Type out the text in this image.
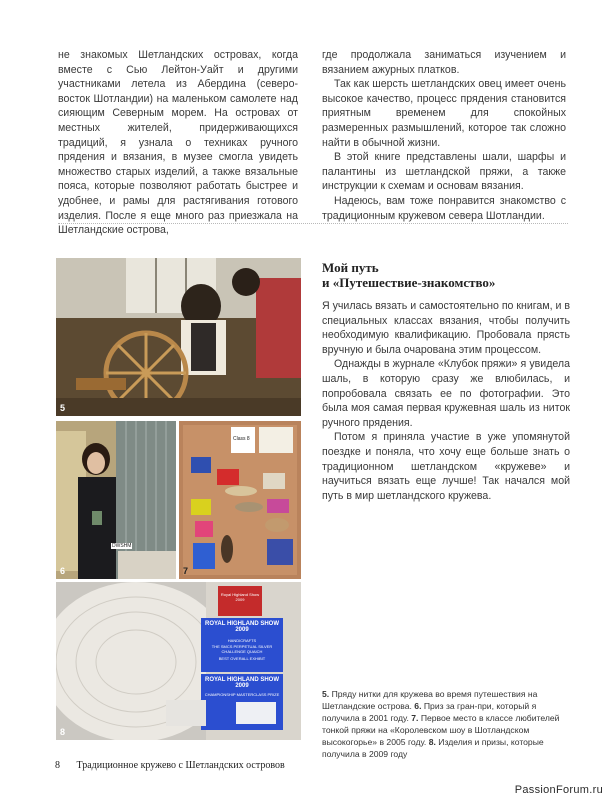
не знакомых Шетландских островах, когда вместе с Сью Лейтон-Уайт и другими участниками летела из Абердина (северо-восток Шотландии) на маленьком самолете над сияющим Северным морем. На островах от местных жителей, придерживающихся традиций, я узнала о техниках ручного прядения и вязания, в музее смогла увидеть множество старых изделий, а также вязальные пояса, которые позволяют работать быстрее и удобнее, и рамы для растягивания готового изделия. После я еще много раз приезжала на Шетландские острова,

где продолжала заниматься изучением и вязанием ажурных платков.

Так как шерсть шетландских овец имеет очень высокое качество, процесс прядения становится приятным временем для спокойных размеренных размышлений, которое так сложно найти в обычной жизни.

В этой книге представлены шали, шарфы и палантины из шетландской пряжи, а также инструкции к схемам и основам вязания.

Надеюсь, вам тоже понравится знакомство с традиционным кружевом севера Шотландии.

5
DWSHM
6
Class 8
7
Royal Highland Show 2009
ROYAL HIGHLAND SHOW 2009
HANDICRAFTS
THE SMCS PERPETUAL SILVER CHALLENGE QUAICH
BEST OVERALL EXHIBIT
ROYAL HIGHLAND SHOW 2009
CHAMPIONSHIP MASTERCLASS PRIZE
8
Мой путь
и «Путешествие-знакомство»

Я училась вязать и самостоятельно по книгам, и в специальных классах вязания, чтобы получить необходимую квалификацию. Пробовала прясть вручную и была очарована этим процессом.

Однажды в журнале «Клубок пряжи» я увидела шаль, в которую сразу же влюбилась, и попробовала связать ее по фотографии. Это была моя самая первая кружевная шаль из ниток ручного прядения.

Потом я приняла участие в уже упомянутой поездке и поняла, что хочу еще больше знать о традиционном шетландском «кружеве» и научиться вязать еще лучше! Так начался мой путь в мир шетландского кружева.

5. Пряду нитки для кружева во время путешествия на Шетландские острова. 6. Приз за гран-при, который я получила в 2001 году. 7. Первое место в классе любителей тонкой пряжи на «Королевском шоу в Шотландском высокогорье» в 2005 году. 8. Изделия и призы, которые получила в 2009 году
8 Традиционное кружево с Шетландских островов
PassionForum.ru
